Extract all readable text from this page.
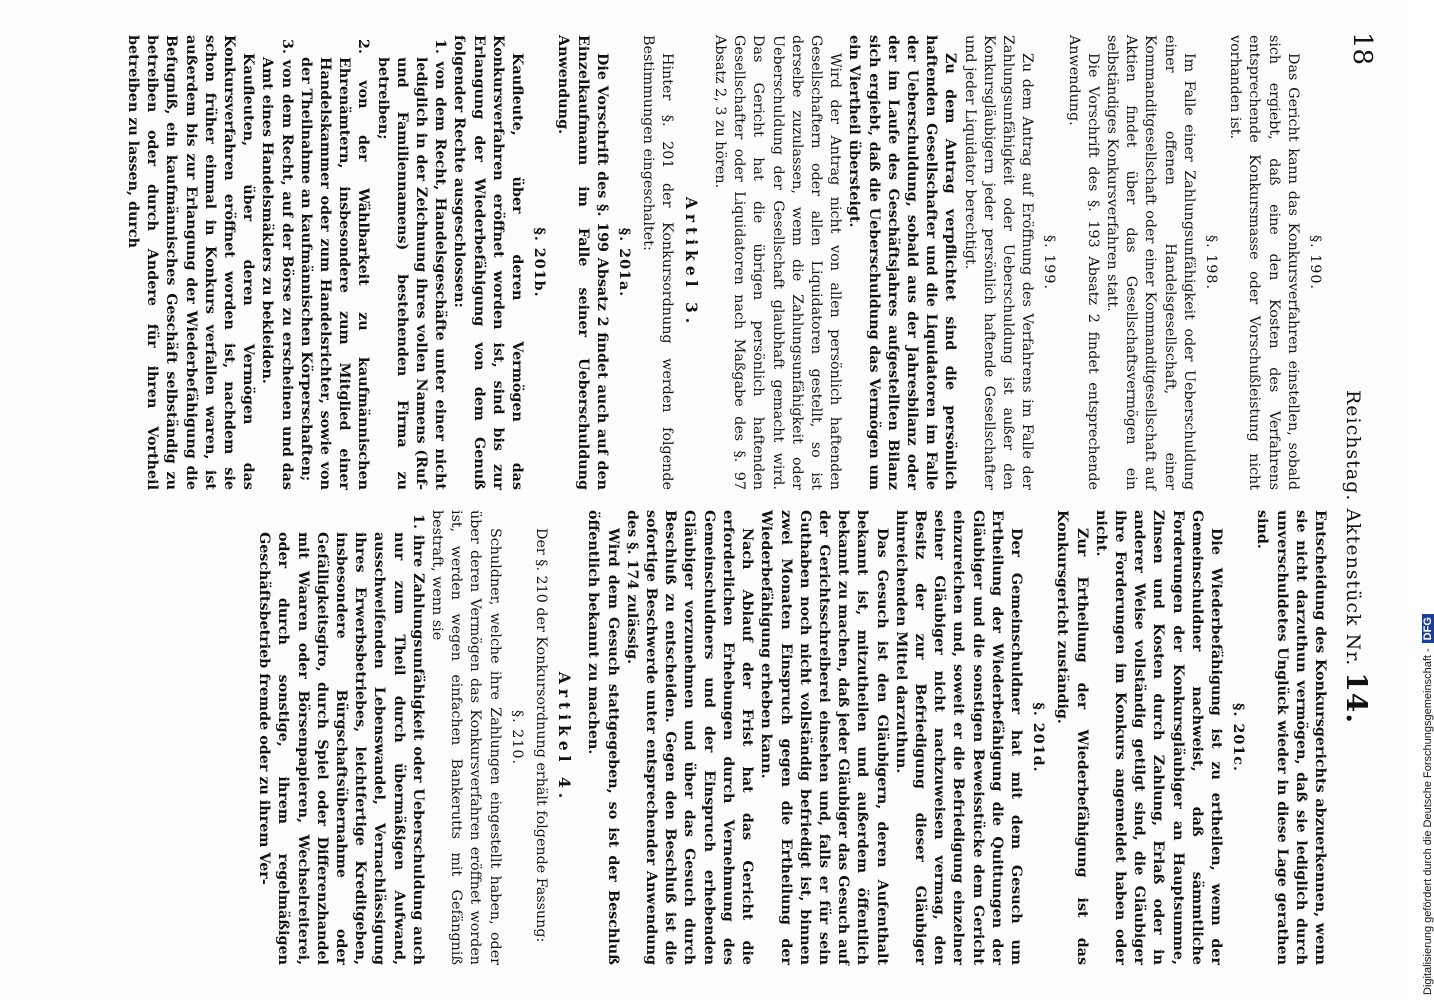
18
Reichstag. Aktenstück Nr.14.
§. 190.

Das Gericht kann das Konkursverfahren einstellen, sobald sich ergiebt, daß eine den Kosten des Verfahrens entsprechende Konkursmasse oder Vorschußleistung nicht vorhanden ist.

§. 198.

Im Falle einer Zahlungsunfähigkeit oder Ueberschuldung einer offenen Handelsgesellschaft, einer Kommanditgesellschaft oder einer Kommanditgesellschaft auf Aktien findet über das Gesellschaftsvermögen ein selbständiges Konkursverfahren statt.

Die Vorschrift des §. 193 Absatz 2 findet entsprechende Anwendung.

§. 199.

Zu dem Antrag auf Eröffnung des Verfahrens im Falle der Zahlungsunfähigkeit oder Ueberschuldung ist außer den Konkursgläubigern jeder persönlich haftende Gesellschafter und jeder Liquidator berechtigt.

Zu dem Antrag verpflichtet sind die persönlich haftenden Gesellschafter und die Liquidatoren im Falle der Ueberschuldung, sobald aus der Jahresbilanz oder der im Laufe des Geschäftsjahres aufgestellten Bilanz sich ergiebt, daß die Ueberschuldung das Vermögen um ein Viertheil übersteigt.

Wird der Antrag nicht von allen persönlich haftenden Gesellschaftern oder allen Liquidatoren gestellt, so ist derselbe zuzulassen, wenn die Zahlungsunfähigkeit oder Ueberschuldung der Gesellschaft glaubhaft gemacht wird. Das Gericht hat die übrigen persönlich haftenden Gesellschafter oder Liquidatoren nach Maßgabe des §. 97 Absatz 2, 3 zu hören.

Artikel 3.

Hinter §. 201 der Konkursordnung werden folgende Bestimmungen eingeschaltet:

§. 201a.

Die Vorschrift des §. 199 Absatz 2 findet auch auf den Einzelkaufmann im Falle seiner Ueberschuldung Anwendung.

§. 201b.

Kaufleute, über deren Vermögen das Konkursverfahren eröffnet worden ist, sind bis zur Erlangung der Wiederbefähigung von dem Genuß folgender Rechte ausgeschlossen:

1. von dem Recht, Handelsgeschäfte unter einer nicht lediglich in der Zeichnung ihres vollen Namens (Ruf- und Familiennamens) bestehenden Firma zu betreiben;

2. von der Wählbarkeit zu kaufmännischen Ehrenämtern, insbesondere zum Mitglied einer Handelskammer oder zum Handelsrichter, sowie von der Theilnahme an kaufmännischen Körperschaften;

3. von dem Recht, auf der Börse zu erscheinen und das Amt eines Handelsmäklers zu bekleiden.

Kaufleuten, über deren Vermögen das Konkursverfahren eröffnet worden ist, nachdem sie schon früher einmal in Konkurs verfallen waren, ist außerdem bis zur Erlangung der Wiederbefähigung die Befugniß, ein kaufmännisches Geschäft selbständig zu betreiben oder durch Andere für ihren Vortheil betreiben zu lassen, durch

Entscheidung des Konkursgerichts abzuerkennen, wenn sie nicht darzuthun vermögen, daß sie lediglich durch unverschuldetes Unglück wieder in diese Lage gerathen sind.

§. 201c.

Die Wiederbefähigung ist zu ertheilen, wenn der Gemeinschuldner nachweist, daß sämmtliche Forderungen der Konkursgläubiger an Hauptsumme, Zinsen und Kosten durch Zahlung, Erlaß oder in anderer Weise vollständig getilgt sind, die Gläubiger ihre Forderungen im Konkurs angemeldet haben oder nicht.

Zur Ertheilung der Wiederbefähigung ist das Konkursgericht zuständig.

§. 201d.

Der Gemeinschuldner hat mit dem Gesuch um Ertheilung der Wiederbefähigung die Quittungen der Gläubiger und die sonstigen Beweisstücke dem Gericht einzureichen und, soweit er die Befriedigung einzelner seiner Gläubiger nicht nachzuweisen vermag, den Besitz der zur Befriedigung dieser Gläubiger hinreichenden Mittel darzuthun.

Das Gesuch ist den Gläubigern, deren Aufenthalt bekannt ist, mitzutheilen und außerdem öffentlich bekannt zu machen, daß jeder Gläubiger das Gesuch auf der Gerichtsschreiberei einsehen und, falls er für sein Guthaben noch nicht vollständig befriedigt ist, binnen zwei Monaten Einspruch gegen die Ertheilung der Wiederbefähigung erheben kann.

Nach Ablauf der Frist hat das Gericht die erforderlichen Erhebungen durch Vernehmung des Gemeinschuldners und der Einspruch erhebenden Gläubiger vorzunehmen und über das Gesuch durch Beschluß zu entscheiden. Gegen den Beschluß ist die sofortige Beschwerde unter entsprechender Anwendung des §. 174 zulässig.

Wird dem Gesuch stattgegeben, so ist der Beschluß öffentlich bekannt zu machen.

Artikel 4.

Der §. 210 der Konkursordnung erhält folgende Fassung:

§. 210.

Schuldner, welche ihre Zahlungen eingestellt haben, oder über deren Vermögen das Konkursverfahren eröffnet worden ist, werden wegen einfachen Bankerutts mit Gefängniß bestraft, wenn sie

1. ihre Zahlungsunfähigkeit oder Ueberschuldung auch nur zum Theil durch übermäßigen Aufwand, ausschweifenden Lebenswandel, Vernachlässigung ihres Erwerbsbetriebes, leichtfertige Kreditgeben, insbesondere Bürgschaftsübernahme oder Gefälligkeitsgiro, durch Spiel oder Differenzhandel mit Waaren oder Börsenpapieren, Wechselreiterei, oder durch sonstige, ihrem regelmäßigen Geschäftsbetrieb fremde oder zu ihrem Ver-	Digitalisierung gefördert durch die Deutsche Forschungsgemeinschaft -DFG
